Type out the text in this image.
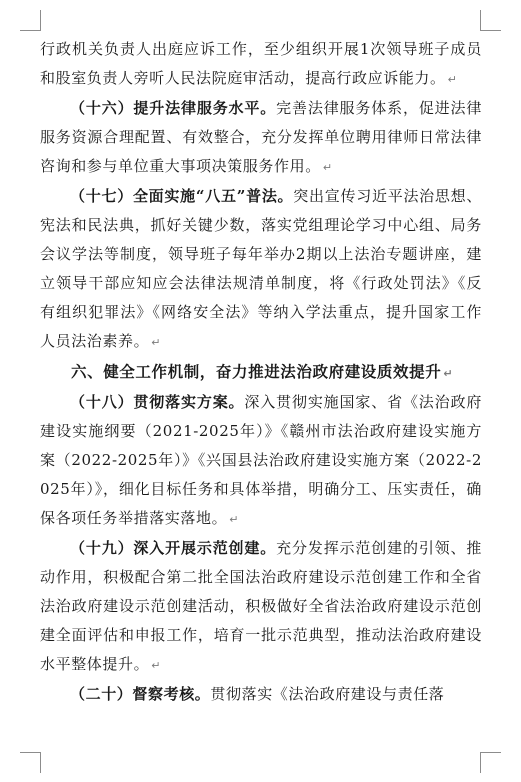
行政机关负责人出庭应诉工作，至少组织开展1次领导班子成员和股室负责人旁听人民法院庭审活动，提高行政应诉能力。 ↵

（十六）提升法律服务水平。完善法律服务体系，促进法律服务资源合理配置、有效整合，充分发挥单位聘用律师日常法律咨询和参与单位重大事项决策服务作用。 ↵

（十七）全面实施“八五”普法。突出宣传习近平法治思想、宪法和民法典，抓好关键少数，落实党组理论学习中心组、局务会议学法等制度，领导班子每年举办2期以上法治专题讲座，建立领导干部应知应会法律法规清单制度，将《行政处罚法》《反有组织犯罪法》《网络安全法》等纳入学法重点，提升国家工作人员法治素养。 ↵

六、健全工作机制，奋力推进法治政府建设质效提升 ↵

（十八）贯彻落实方案。深入贯彻实施国家、省《法治政府建设实施纲要（2021-2025年）》《赣州市法治政府建设实施方案（2022-2025年）》《兴国县法治政府建设实施方案（2022-2025年）》，细化目标任务和具体举措，明确分工、压实责任，确保各项任务举措落实落地。 ↵

（十九）深入开展示范创建。充分发挥示范创建的引领、推动作用，积极配合第二批全国法治政府建设示范创建工作和全省法治政府建设示范创建活动，积极做好全省法治政府建设示范创建全面评估和申报工作，培育一批示范典型，推动法治政府建设水平整体提升。 ↵

（二十）督察考核。贯彻落实《法治政府建设与责任落
